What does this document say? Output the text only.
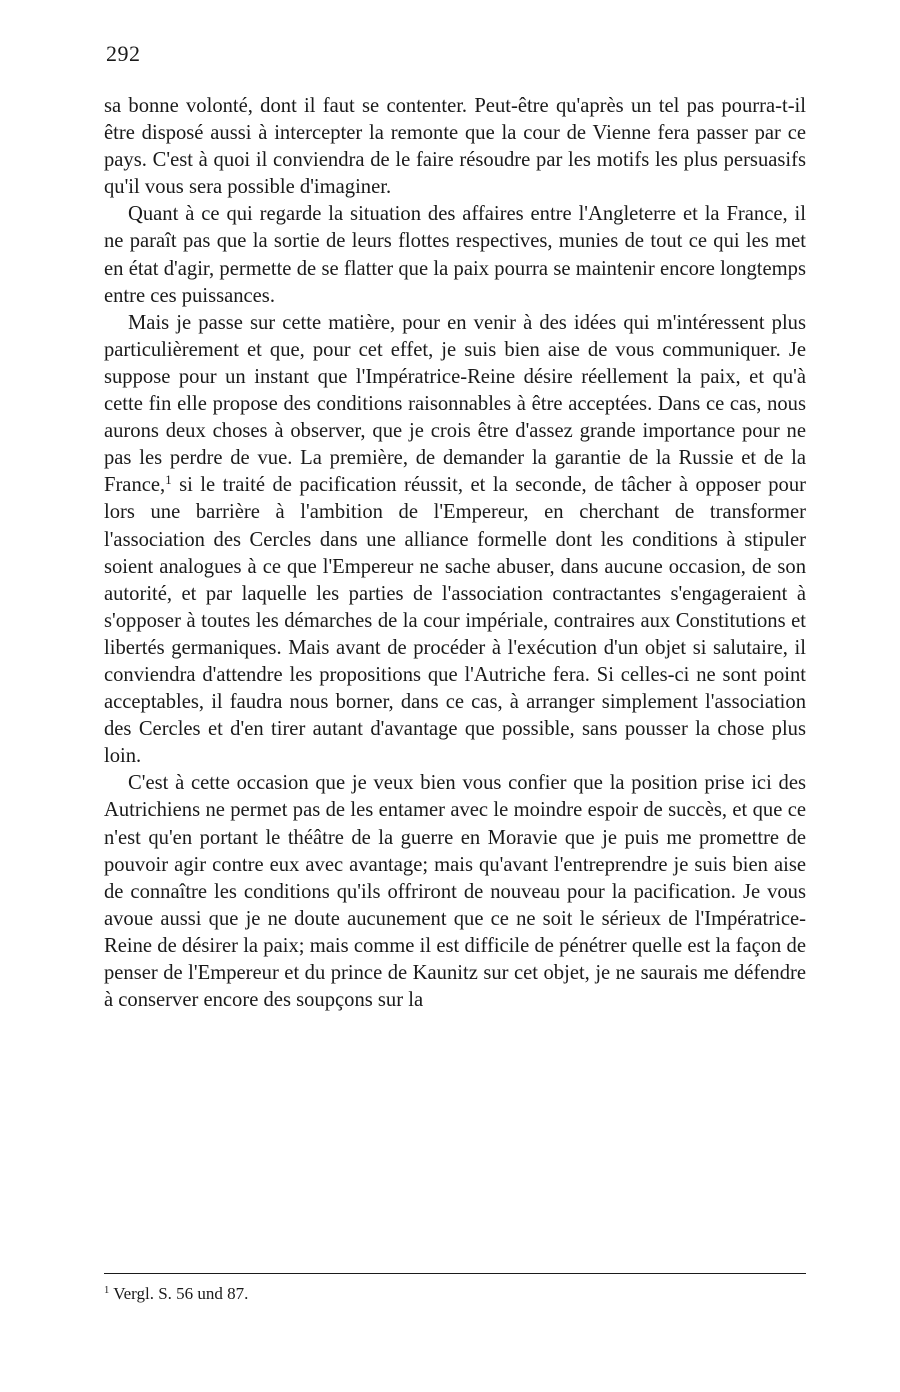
292

sa bonne volonté, dont il faut se contenter. Peut-être qu'après un tel pas pourra-t-il être disposé aussi à intercepter la remonte que la cour de Vienne fera passer par ce pays. C'est à quoi il conviendra de le faire résoudre par les motifs les plus persuasifs qu'il vous sera possible d'imaginer.

Quant à ce qui regarde la situation des affaires entre l'Angleterre et la France, il ne paraît pas que la sortie de leurs flottes respectives, munies de tout ce qui les met en état d'agir, permette de se flatter que la paix pourra se maintenir encore longtemps entre ces puissances.

Mais je passe sur cette matière, pour en venir à des idées qui m'intéressent plus particulièrement et que, pour cet effet, je suis bien aise de vous communiquer. Je suppose pour un instant que l'Impératrice-Reine désire réellement la paix, et qu'à cette fin elle propose des conditions raisonnables à être acceptées. Dans ce cas, nous aurons deux choses à observer, que je crois être d'assez grande importance pour ne pas les perdre de vue. La première, de demander la garantie de la Russie et de la France,$^1$ si le traité de pacification réussit, et la seconde, de tâcher à opposer pour lors une barrière à l'ambition de l'Empereur, en cherchant de transformer l'association des Cercles dans une alliance formelle dont les conditions à stipuler soient analogues à ce que l'Empereur ne sache abuser, dans aucune occasion, de son autorité, et par laquelle les parties de l'association contractantes s'engageraient à s'opposer à toutes les démarches de la cour impériale, contraires aux Constitutions et libertés germaniques. Mais avant de procéder à l'exécution d'un objet si salutaire, il conviendra d'attendre les propositions que l'Autriche fera. Si celles-ci ne sont point acceptables, il faudra nous borner, dans ce cas, à arranger simplement l'association des Cercles et d'en tirer autant d'avantage que possible, sans pousser la chose plus loin.

C'est à cette occasion que je veux bien vous confier que la position prise ici des Autrichiens ne permet pas de les entamer avec le moindre espoir de succès, et que ce n'est qu'en portant le théâtre de la guerre en Moravie que je puis me promettre de pouvoir agir contre eux avec avantage; mais qu'avant l'entreprendre je suis bien aise de connaître les conditions qu'ils offriront de nouveau pour la pacification. Je vous avoue aussi que je ne doute aucunement que ce ne soit le sérieux de l'Impératrice-Reine de désirer la paix; mais comme il est difficile de pénétrer quelle est la façon de penser de l'Empereur et du prince de Kaunitz sur cet objet, je ne saurais me défendre à conserver encore des soupçons sur la

$^1$ Vergl. S. 56 und 87.
